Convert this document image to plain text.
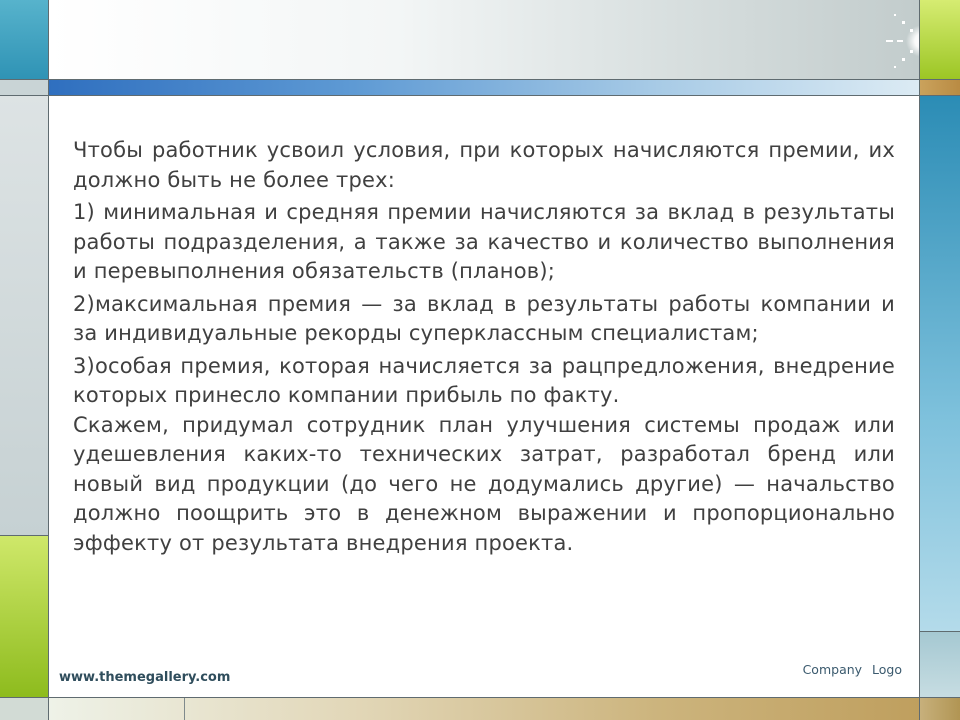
Чтобы работник усвоил условия, при которых начисляются премии, их должно быть не более трех:

1) минимальная и средняя премии начисляются за вклад в результаты работы подразделения, а также за качество и количество выполнения и перевыполнения обязательств (планов);

2)максимальная премия — за вклад в результаты работы компании и за индивидуальные рекорды суперклассным специалистам;

3)особая премия, которая начисляется за рацпредложения, внедрение которых принесло компании прибыль по факту.

Скажем, придумал сотрудник план улучшения системы продаж или удешевления каких-то технических затрат, разработал бренд или новый вид продукции (до чего не додумались другие) — начальство должно поощрить это в денежном выражении и пропорционально эффекту от результата внедрения проекта.

www.themegallery.com
Company Logo
